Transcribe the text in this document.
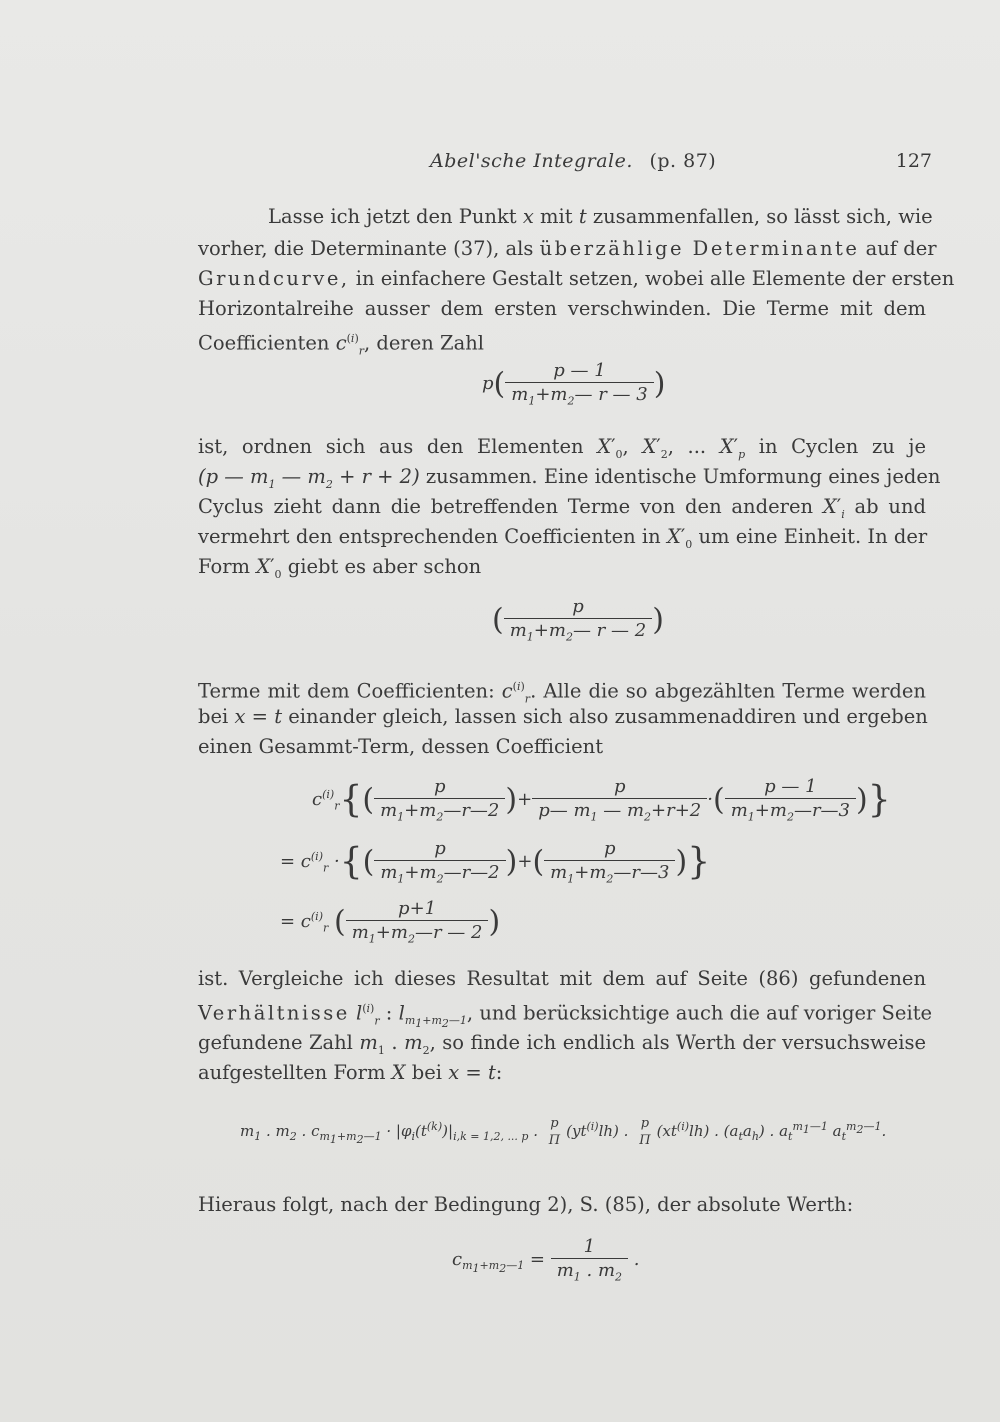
Abel'sche Integrale. (p. 87)	127
Lasse ich jetzt den Punkt x mit t zusammenfallen, so lässt sich, wie
vorher, die Determinante (37), als überzählige Determinante auf der
Grundcurve, in einfachere Gestalt setzen, wobei alle Elemente der ersten
Horizontalreihe ausser dem ersten verschwinden. Die Terme mit dem
Coefficienten $c^{(i)}_r$, deren Zahl
$p( \frac{p — 1}{m_1+m_2— r — 3}$ )
ist, ordnen sich aus den Elementen $X'_0$, $X'_2$, ... $X'_p$ in Cyclen zu je
(p — $m_1$ — $m_2 + r + 2$) zusammen. Eine identische Umformung eines jeden
Cyclus zieht dann die betreffenden Terme von den anderen $X'_i$ ab und
vermehrt den entsprechenden Coefficienten in $X'_0$ um eine Einheit. In der
Form $X'_0$ giebt es aber schon
( $\frac{p}{m_1+m_2— r — 2}$ )
Terme mit dem Coefficienten: $c^{(i)}_r$. Alle die so abgezählten Terme werden
bei x = t einander gleich, lassen sich also zusammenaddiren und ergeben
einen Gesammt-Term, dessen Coefficient
$c^{(i)}_r\{( \frac{p}{m_1+m_2—r—2}$ )+ $\frac{p}{p— m_1 — m_2+r+2}$ ·( $\frac{p — 1}{m_1+m_2—r—3}$ )}
= $c^{(i)}_r$ ·{( $\frac{p}{m_1+m_2—r—2}$ )+( $\frac{p}{m_1+m_2—r—3}$ )}
= $c^{(i)}_r$ ( $\frac{p+1}{m_1+m_2—r — 2}$ )
ist. Vergleiche ich dieses Resultat mit dem auf Seite (86) gefundenen
Verhältnisse $l^{(i)}_r$ : $l_{m_1+m_2—1}$, und berücksichtige auch die auf voriger Seite
gefundene Zahl $m_1$ . $m_2$, so finde ich endlich als Werth der versuchsweise
aufgestellten Form X bei x = t:
$m_1$ . $m_2$ . $c_{m_1+m_2—1} \cdot |\varphi_i(t^{(k)})|_{i,k = 1,2, ... p}$ . p
Π
$(yt^{(i)}lh)$ . p
Π
$(xt^{(i)}lh)$ . $(a_ta_h)$ . $a_t^{m_1—1}$ $a_t^{m_2—1}$.
Hieraus folgt, nach der Bedingung 2), S. (85), der absolute Werth:
$c_{m_1+m_2—1} = \frac{1}{m_1 . m_2}$ .
